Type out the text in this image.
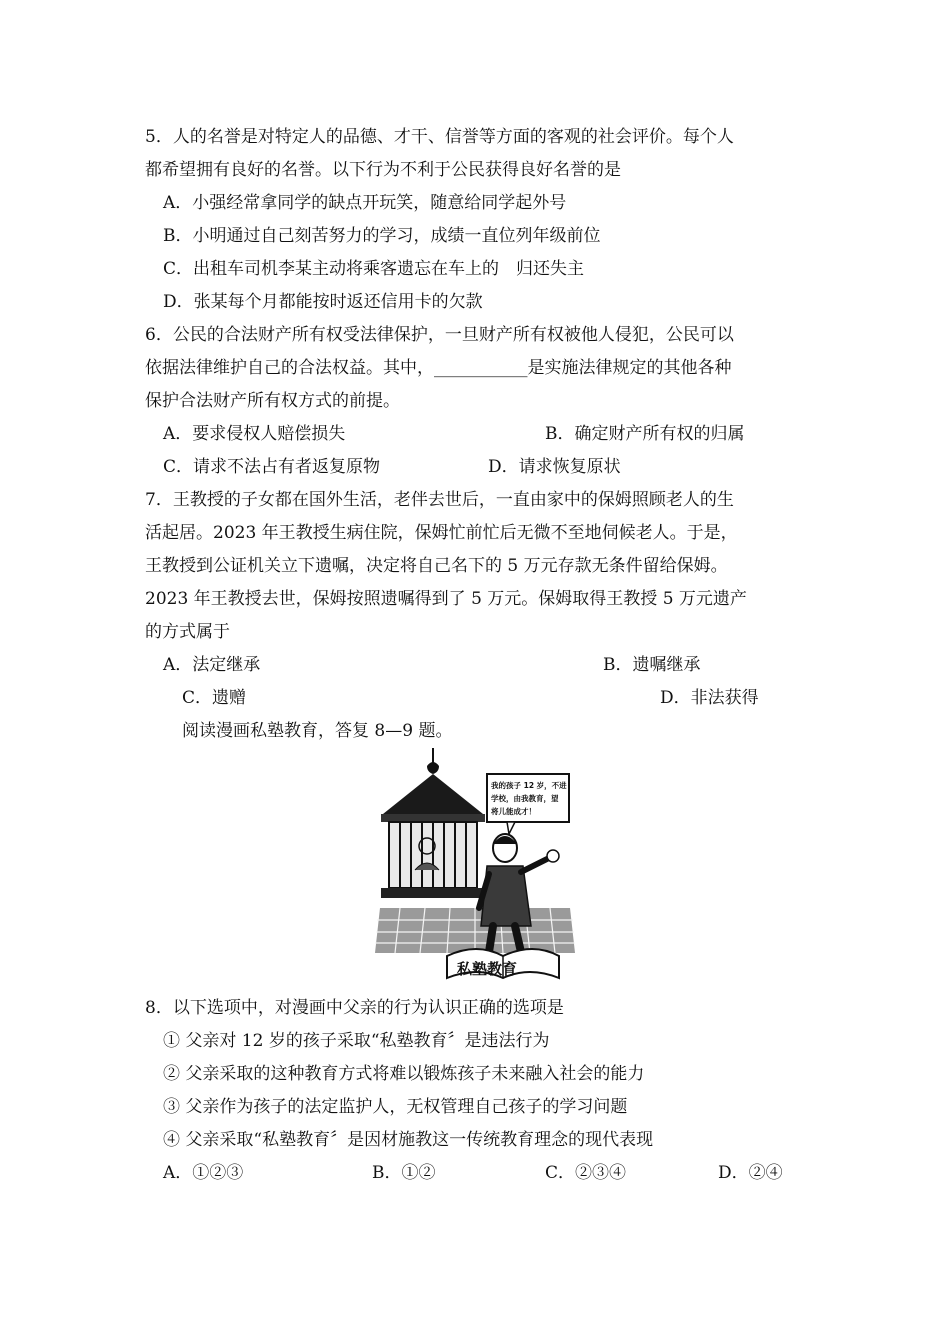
5．人的名誉是对特定人的品德、才干、信誉等方面的客观的社会评价。每个人
都希望拥有良好的名誉。以下行为不利于公民获得良好名誉的是
A．小强经常拿同学的缺点开玩笑，随意给同学起外号
B．小明通过自己刻苦努力的学习，成绩一直位列年级前位
C．出租车司机李某主动将乘客遗忘在车上的　归还失主
D．张某每个月都能按时返还信用卡的欠款
6．公民的合法财产所有权受法律保护，一旦财产所有权被他人侵犯，公民可以
依据法律维护自己的合法权益。其中，___________是实施法律规定的其他各种
保护合法财产所有权方式的前提。
A．要求侵权人赔偿损失	B．确定财产所有权的归属
C．请求不法占有者返复原物	D．请求恢复原状
7．王教授的子女都在国外生活，老伴去世后，一直由家中的保姆照顾老人的生
活起居。2023 年王教授生病住院，保姆忙前忙后无微不至地伺候老人。于是，
王教授到公证机关立下遗嘱，决定将自己名下的 5 万元存款无条件留给保姆。
2023 年王教授去世，保姆按照遗嘱得到了 5 万元。保姆取得王教授 5 万元遗产
的方式属于
A．法定继承	B．遗嘱继承
C．遗赠	D．非法获得
阅读漫画私塾教育，答复 8—9 题。
我的孩子 12 岁，不进
学校，由我教育，望
将儿能成才！
私塾教育
8．以下选项中，对漫画中父亲的行为认识正确的选项是
① 父亲对 12 岁的孩子采取“私塾教育〞是违法行为
② 父亲采取的这种教育方式将难以锻炼孩子未来融入社会的能力
③ 父亲作为孩子的法定监护人，无权管理自己孩子的学习问题
④ 父亲采取“私塾教育〞是因材施教这一传统教育理念的现代表现
A．①②③	B．①②	C．②③④	D．②④
